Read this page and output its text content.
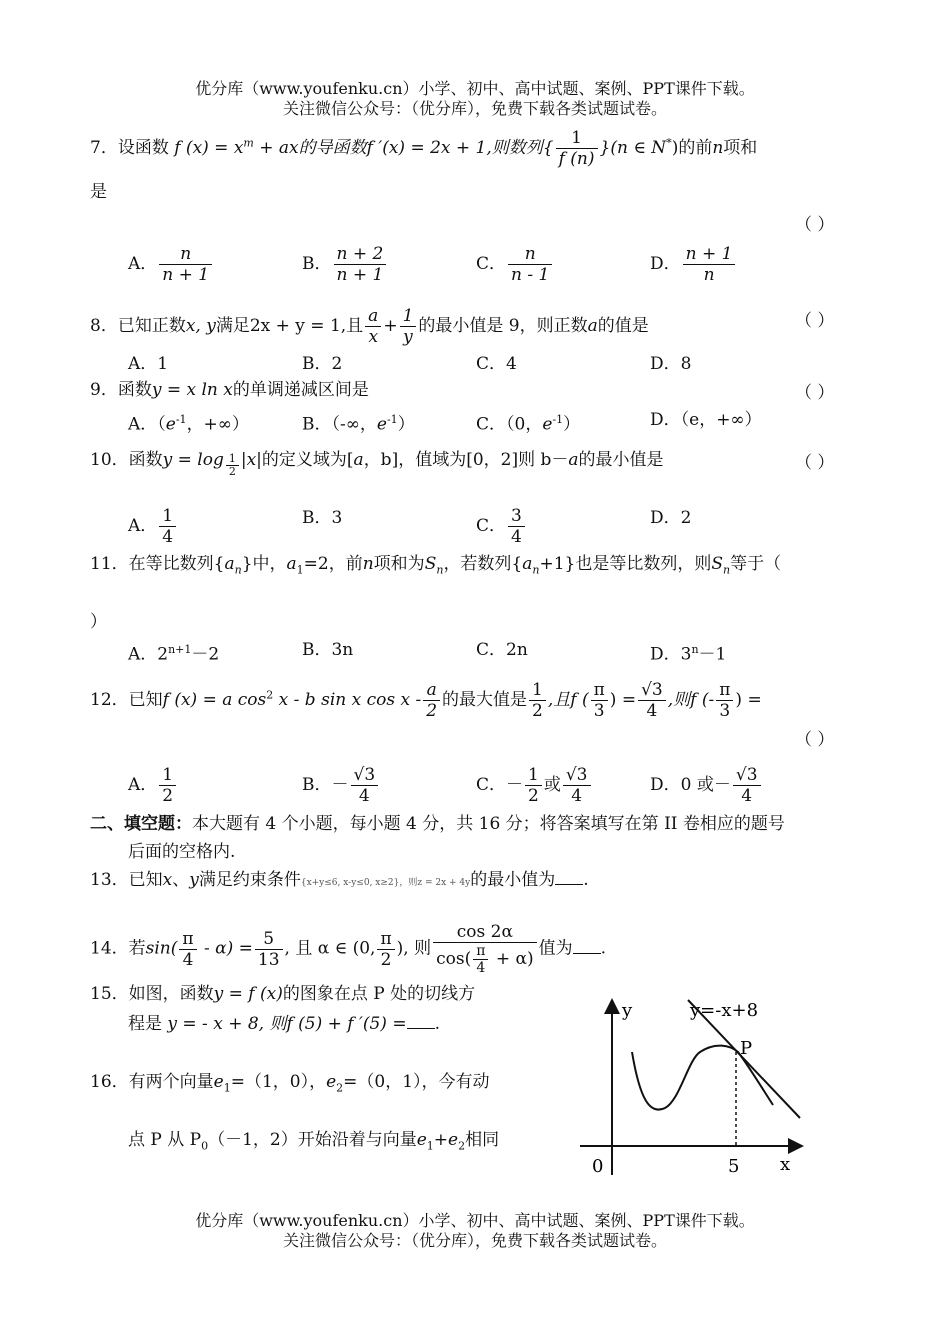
优分库（www.youfenku.cn）小学、初中、高中试题、案例、PPT课件下载。
关注微信公众号：（优分库），免费下载各类试题试卷。
7．设函数 f $(x) = x^m$ + ax的导函数f ′(x) = 2x + 1,则数列{ $\frac{1}{f (n)} \}(n$ ∈ N*)的前n项和
是
（ ）
A． $\frac{n}{n + 1}$	B． $\frac{n + 2}{n + 1}$	C． $\frac{n}{n - 1}$	D． $\frac{n + 1}{n}$
8．已知正数x, y满足2x + y = 1,且 $\frac{a}{x} + \frac{1}{y}$ 的最小值是 9，则正数a的值是	（ ）
A．1	B．2	C．4	D．8
9．函数y = x ln x的单调递减区间是	（ ）
A．（$e^{-1}$，+∞）	B．（-∞，$e^{-1}$）	C．（0，$e^{-1}$）	D．（e，+∞）
10．函数$y = \log \frac{1}{2} |x|$的定义域为[a，b]，值域为[0，2]则 b－a的最小值是	（ ）
A． $\frac{1}{4}$	B．3	C． $\frac{3}{4}$	D．2
11．在等比数列$\{a_n\}$中，$a_1=2$，前n项和为$S_n$，若数列$\{a_n+1\}$也是等比数列，则$S_n$等于（
）
A．$2^{n+1}-2$	B．3n	C．2n	D．$3^n-1$
12．已知f (x) = a $\cos^2 x$ - b sin x cos x - $\frac{a}{2}$ 的最大值是 $\frac{1}{2}$ ,且f ( $\frac{\pi}{3}$ ) = $\frac{√3}{4}$ ,则f (- $\frac{\pi}{3}$ ) =
（ ）
A． $\frac{1}{2}$	B．－ $\frac{√3}{4}$	C．－ $\frac{1}{2}$ 或 $\frac{√3}{4}$	D．0 或－ $\frac{√3}{4}$
二、填空题：本大题有 4 个小题，每小题 4 分，共 16 分；将答案填写在第 II 卷相应的题号
后面的空格内.
13．已知x、y满足约束条件{x+y≤6, x-y≤0, x≥2}，则z = 2x + 4y的最小值为 .
14．若$\sin( \frac{\pi}{4} - \alpha) = \frac{5}{13}$ , 且 α ∈ (0, $\frac{\pi}{2}$ ), 则 $\frac{\cos 2\alpha}{\cos( \frac{\pi}{4} + \alpha)}$ 值为 .
15．如图，函数y = f (x)的图象在点 P 处的切线方
程是 y = - x + 8, 则f (5) + f ′(5) = .
16．有两个向量$e_1=(1$，0），$e_2=(0$，1），今有动
点 P 从 $P_0(-1$，2）开始沿着与向量$e_1+e_2$相同
y
x
0
y=-x+8
P
5
优分库（www.youfenku.cn）小学、初中、高中试题、案例、PPT课件下载。
关注微信公众号：（优分库），免费下载各类试题试卷。
